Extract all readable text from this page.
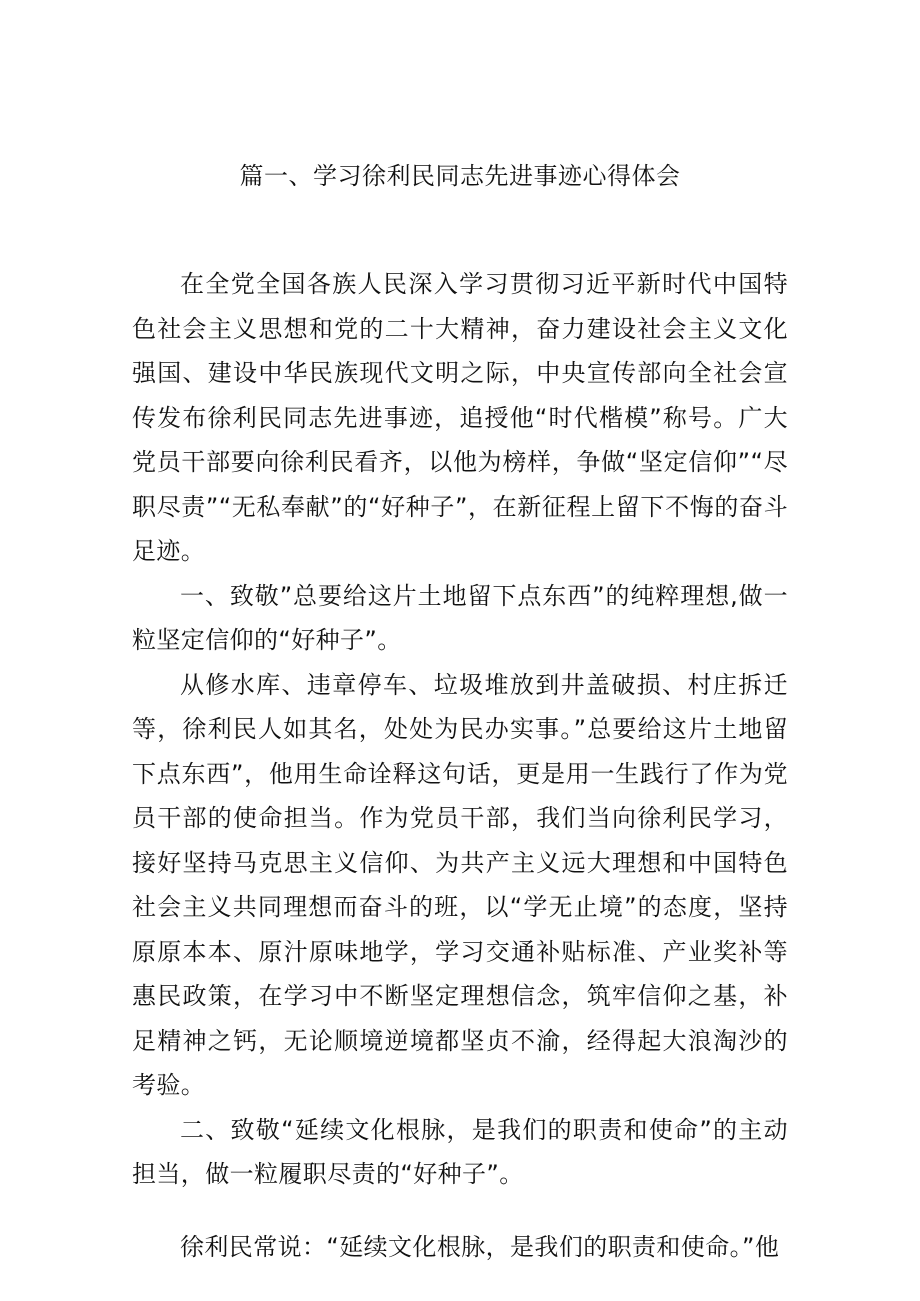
篇一、学习徐利民同志先进事迹心得体会

在全党全国各族人民深入学习贯彻习近平新时代中国特色社会主义思想和党的二十大精神，奋力建设社会主义文化强国、建设中华民族现代文明之际，中央宣传部向全社会宣传发布徐利民同志先进事迹，追授他“时代楷模”称号。广大党员干部要向徐利民看齐，以他为榜样，争做“坚定信仰”“尽职尽责”“无私奉献”的“好种子”，在新征程上留下不悔的奋斗足迹。

一、致敬”总要给这片土地留下点东西”的纯粹理想,做一粒坚定信仰的“好种子”。

从修水库、违章停车、垃圾堆放到井盖破损、村庄拆迁等，徐利民人如其名，处处为民办实事。”总要给这片土地留下点东西”，他用生命诠释这句话，更是用一生践行了作为党员干部的使命担当。作为党员干部，我们当向徐利民学习，接好坚持马克思主义信仰、为共产主义远大理想和中国特色社会主义共同理想而奋斗的班，以“学无止境”的态度，坚持原原本本、原汁原味地学，学习交通补贴标准、产业奖补等惠民政策，在学习中不断坚定理想信念，筑牢信仰之基，补足精神之钙，无论顺境逆境都坚贞不渝，经得起大浪淘沙的考验。

二、致敬“延续文化根脉，是我们的职责和使命”的主动担当，做一粒履职尽责的“好种子”。

徐利民常说：“延续文化根脉，是我们的职责和使命。”他
